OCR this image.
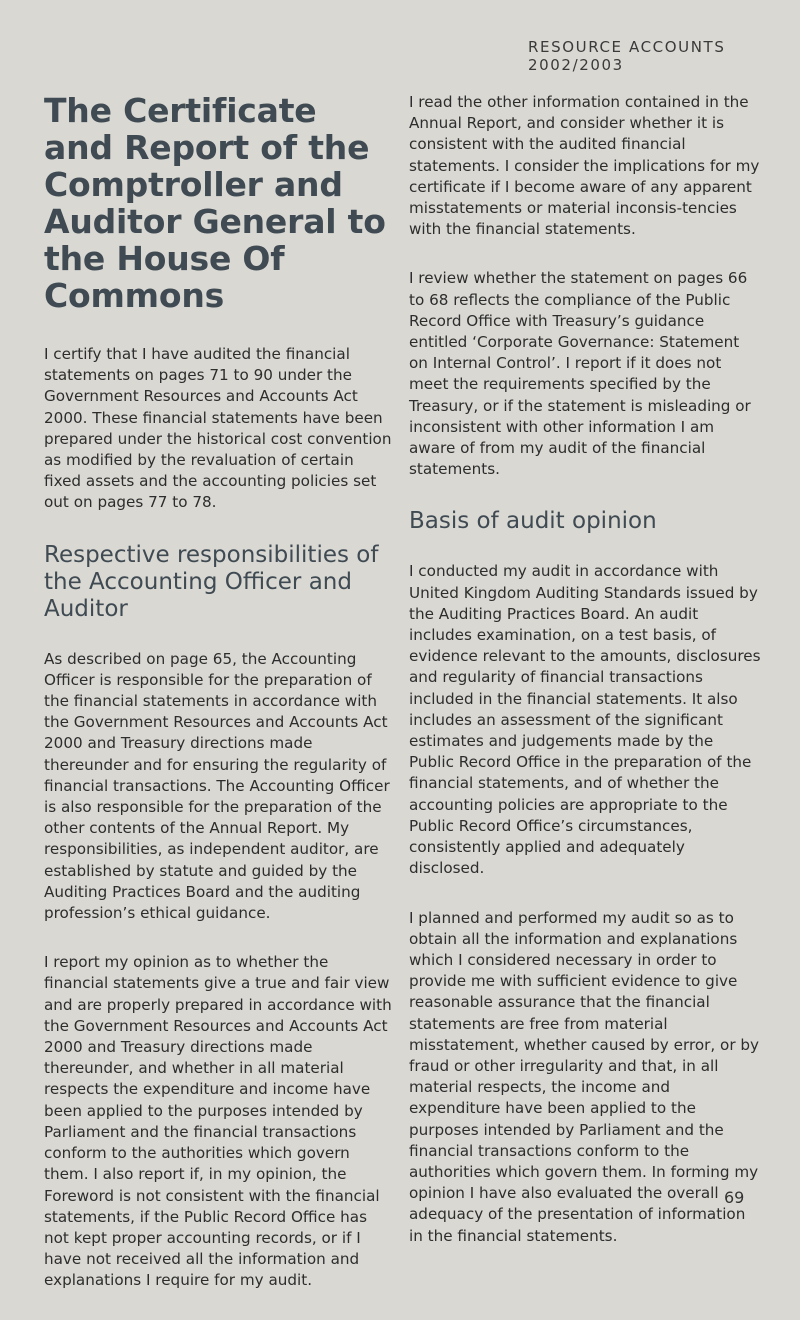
RESOURCE ACCOUNTS 2002/2003
The Certificate and Report of the Comptroller and Auditor General to the House Of Commons

I certify that I have audited the financial statements on pages 71 to 90 under the Government Resources and Accounts Act 2000. These financial statements have been prepared under the historical cost convention as modified by the revaluation of certain fixed assets and the accounting policies set out on pages 77 to 78.

Respective responsibilities of the Accounting Officer and Auditor

As described on page 65, the Accounting Officer is responsible for the preparation of the financial statements in accordance with the Government Resources and Accounts Act 2000 and Treasury directions made thereunder and for ensuring the regularity of financial transactions. The Accounting Officer is also responsible for the preparation of the other contents of the Annual Report. My responsibilities, as independent auditor, are established by statute and guided by the Auditing Practices Board and the auditing profession’s ethical guidance.

I report my opinion as to whether the financial statements give a true and fair view and are properly prepared in accordance with the Government Resources and Accounts Act 2000 and Treasury directions made thereunder, and whether in all material respects the expenditure and income have been applied to the purposes intended by Parliament and the financial transactions conform to the authorities which govern them. I also report if, in my opinion, the Foreword is not consistent with the financial statements, if the Public Record Office has not kept proper accounting records, or if I have not received all the information and explanations I require for my audit.

I read the other information contained in the Annual Report, and consider whether it is consistent with the audited financial statements. I consider the implications for my certificate if I become aware of any apparent misstatements or material inconsis-tencies with the financial statements.

I review whether the statement on pages 66 to 68 reflects the compliance of the Public Record Office with Treasury’s guidance entitled ‘Corporate Governance: Statement on Internal Control’. I report if it does not meet the requirements specified by the Treasury, or if the statement is misleading or inconsistent with other information I am aware of from my audit of the financial statements.

Basis of audit opinion

I conducted my audit in accordance with United Kingdom Auditing Standards issued by the Auditing Practices Board. An audit includes examination, on a test basis, of evidence relevant to the amounts, disclosures and regularity of financial transactions included in the financial statements. It also includes an assessment of the significant estimates and judgements made by the Public Record Office in the preparation of the financial statements, and of whether the accounting policies are appropriate to the Public Record Office’s circumstances, consistently applied and adequately disclosed.

I planned and performed my audit so as to obtain all the information and explanations which I considered necessary in order to provide me with sufficient evidence to give reasonable assurance that the financial statements are free from material misstatement, whether caused by error, or by fraud or other irregularity and that, in all material respects, the income and expenditure have been applied to the purposes intended by Parliament and the financial transactions conform to the authorities which govern them. In forming my opinion I have also evaluated the overall adequacy of the presentation of information in the financial statements.

69
